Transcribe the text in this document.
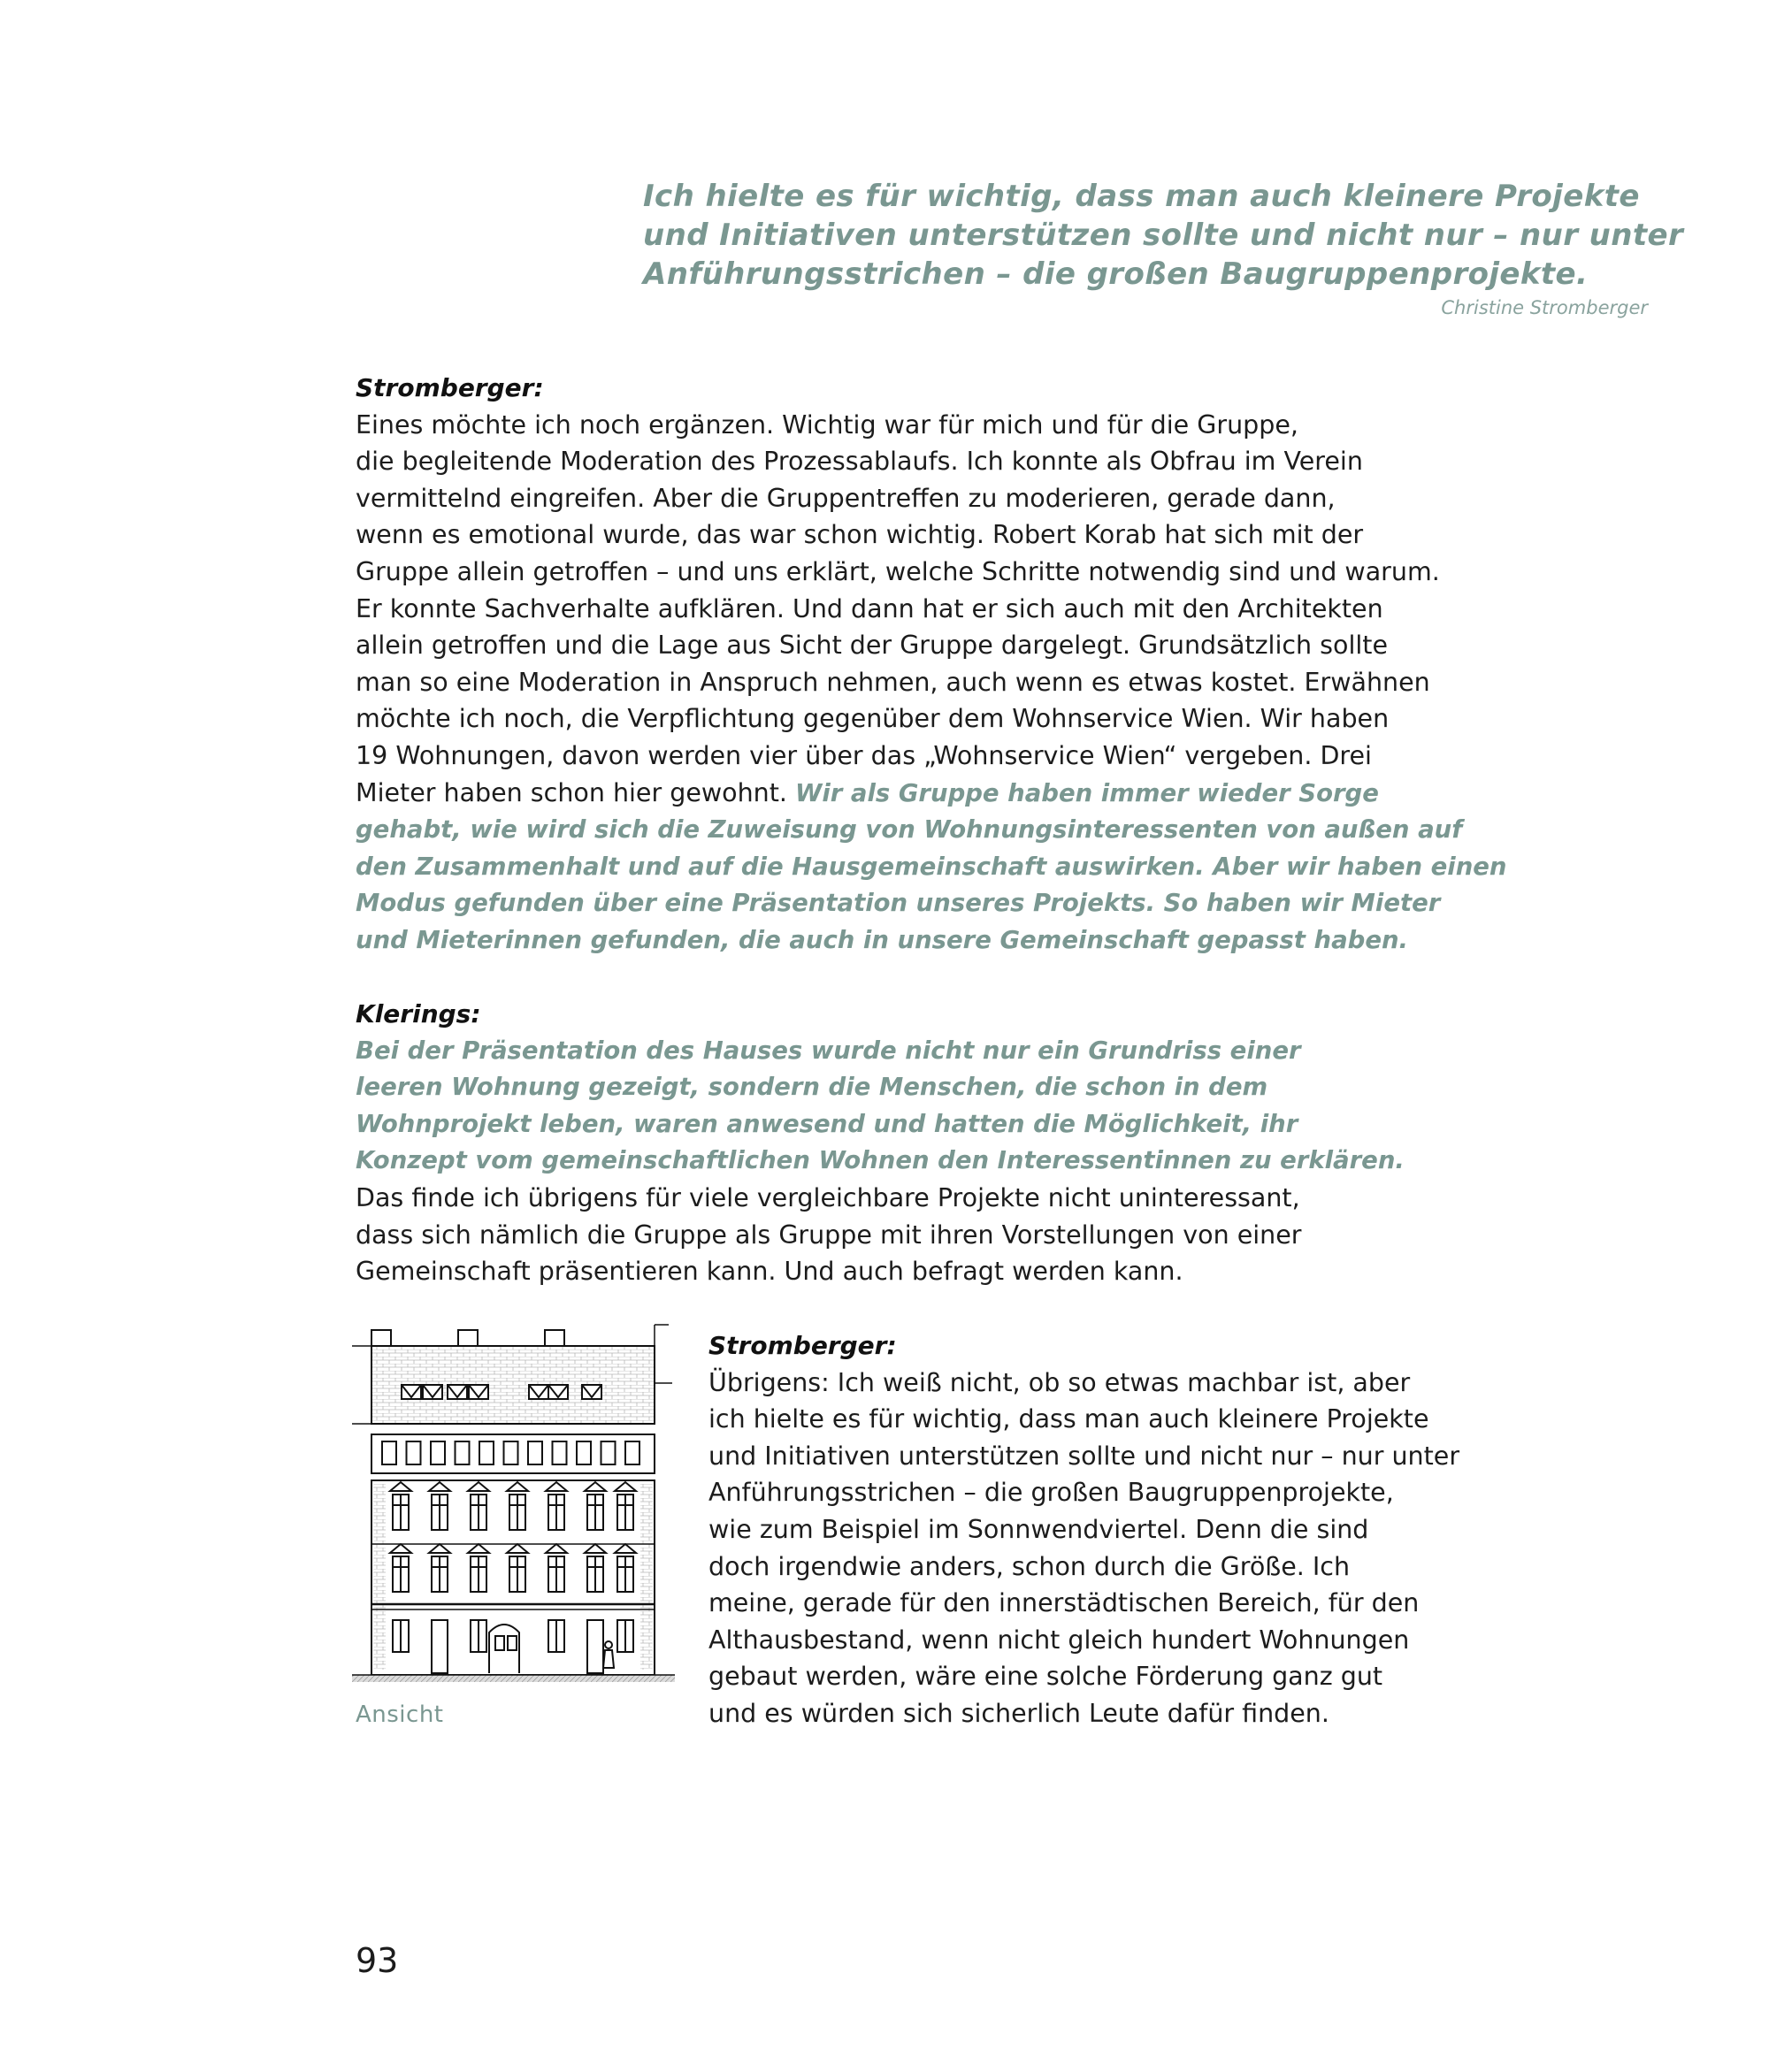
Ich hielte es für wichtig, dass man auch kleinere Projekte
und Initiativen unterstützen sollte und nicht nur – nur unter
Anführungsstrichen – die großen Baugruppenprojekte.
Christine Stromberger
Stromberger:
Eines möchte ich noch ergänzen. Wichtig war für mich und für die Gruppe,
die begleitende Moderation des Prozessablaufs. Ich konnte als Obfrau im Verein
vermittelnd eingreifen. Aber die Gruppentreffen zu moderieren, gerade dann,
wenn es emotional wurde, das war schon wichtig. Robert Korab hat sich mit der
Gruppe allein getroffen – und uns erklärt, welche Schritte notwendig sind und warum.
Er konnte Sachverhalte aufklären. Und dann hat er sich auch mit den Architekten
allein getroffen und die Lage aus Sicht der Gruppe dargelegt. Grundsätzlich sollte
man so eine Moderation in Anspruch nehmen, auch wenn es etwas kostet. Erwähnen
möchte ich noch, die Verpflichtung gegenüber dem Wohnservice Wien. Wir haben
19 Wohnungen, davon werden vier über das „Wohnservice Wien“ vergeben. Drei
Mieter haben schon hier gewohnt. Wir als Gruppe haben immer wieder Sorge
gehabt, wie wird sich die Zuweisung von Wohnungsinteressenten von außen auf
den Zusammenhalt und auf die Hausgemeinschaft auswirken. Aber wir haben einen
Modus gefunden über eine Präsentation unseres Projekts. So haben wir Mieter
und Mieterinnen gefunden, die auch in unsere Gemeinschaft gepasst haben.
Klerings:
Bei der Präsentation des Hauses wurde nicht nur ein Grundriss einer
leeren Wohnung gezeigt, sondern die Menschen, die schon in dem
Wohnprojekt leben, waren anwesend und hatten die Möglichkeit, ihr
Konzept vom gemeinschaftlichen Wohnen den Interessentinnen zu erklären.
Das finde ich übrigens für viele vergleichbare Projekte nicht uninteressant,
dass sich nämlich die Gruppe als Gruppe mit ihren Vorstellungen von einer
Gemeinschaft präsentieren kann. Und auch befragt werden kann.
Ansicht
Stromberger:
Übrigens: Ich weiß nicht, ob so etwas machbar ist, aber
ich hielte es für wichtig, dass man auch kleinere Projekte
und Initiativen unterstützen sollte und nicht nur – nur unter
Anführungsstrichen – die großen Baugruppenprojekte,
wie zum Beispiel im Sonnwendviertel. Denn die sind
doch irgendwie anders, schon durch die Größe. Ich
meine, gerade für den innerstädtischen Bereich, für den
Althausbestand, wenn nicht gleich hundert Wohnungen
gebaut werden, wäre eine solche Förderung ganz gut
und es würden sich sicherlich Leute dafür finden.
93
